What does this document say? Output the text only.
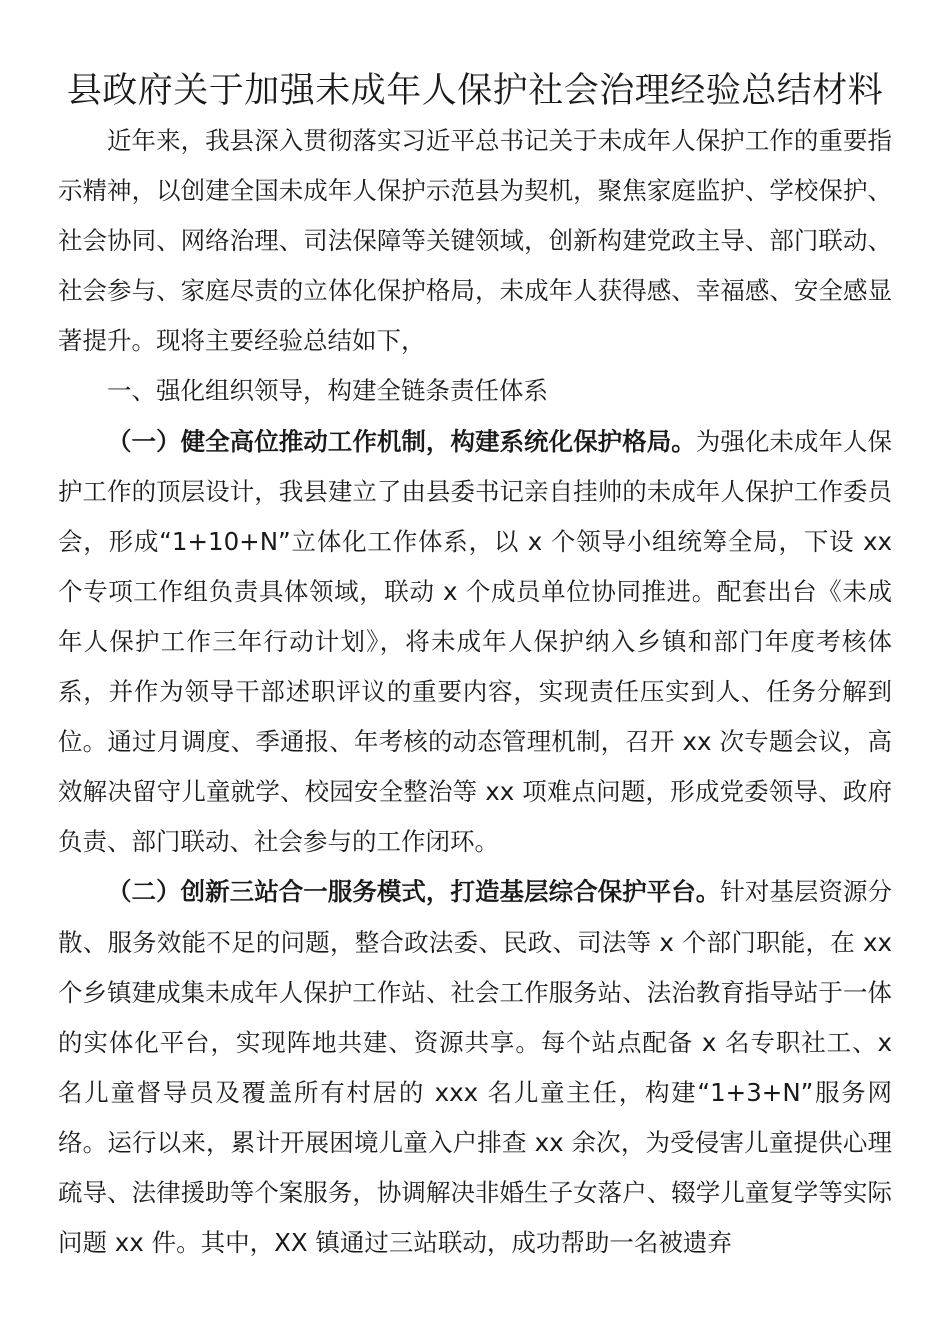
县政府关于加强未成年人保护社会治理经验总结材料

近年来，我县深入贯彻落实习近平总书记关于未成年人保护工作的重要指示精神，以创建全国未成年人保护示范县为契机，聚焦家庭监护、学校保护、社会协同、网络治理、司法保障等关键领域，创新构建党政主导、部门联动、社会参与、家庭尽责的立体化保护格局，未成年人获得感、幸福感、安全感显著提升。现将主要经验总结如下，

一、强化组织领导，构建全链条责任体系

（一）健全高位推动工作机制，构建系统化保护格局。为强化未成年人保护工作的顶层设计，我县建立了由县委书记亲自挂帅的未成年人保护工作委员会，形成“1+10+N”立体化工作体系，以 x 个领导小组统筹全局，下设 xx 个专项工作组负责具体领域，联动 x 个成员单位协同推进。配套出台《未成年人保护工作三年行动计划》，将未成年人保护纳入乡镇和部门年度考核体系，并作为领导干部述职评议的重要内容，实现责任压实到人、任务分解到位。通过月调度、季通报、年考核的动态管理机制，召开 xx 次专题会议，高效解决留守儿童就学、校园安全整治等 xx 项难点问题，形成党委领导、政府负责、部门联动、社会参与的工作闭环。

（二）创新三站合一服务模式，打造基层综合保护平台。针对基层资源分散、服务效能不足的问题，整合政法委、民政、司法等 x 个部门职能，在 xx 个乡镇建成集未成年人保护工作站、社会工作服务站、法治教育指导站于一体的实体化平台，实现阵地共建、资源共享。每个站点配备 x 名专职社工、x 名儿童督导员及覆盖所有村居的 xxx 名儿童主任，构建“1+3+N”服务网络。运行以来，累计开展困境儿童入户排查 xx 余次，为受侵害儿童提供心理疏导、法律援助等个案服务，协调解决非婚生子女落户、辍学儿童复学等实际问题 xx 件。其中，XX 镇通过三站联动，成功帮助一名被遗弃
